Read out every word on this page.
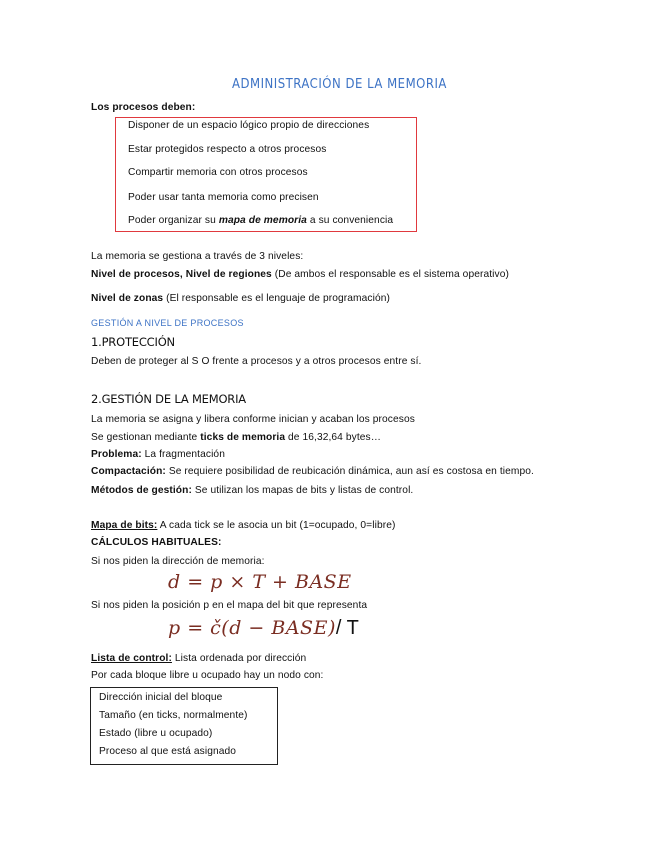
ADMINISTRACIÓN DE LA MEMORIA
Los procesos deben:
Disponer de un espacio lógico propio de direcciones
Estar protegidos respecto a otros procesos
Compartir memoria con otros procesos
Poder usar tanta memoria como precisen
Poder organizar su mapa de memoria a su conveniencia
La memoria se gestiona a través de 3 niveles:
Nivel de procesos, Nivel de regiones (De ambos el responsable es el sistema operativo)
Nivel de zonas (El responsable es el lenguaje de programación)
GESTIÓN A NIVEL DE PROCESOS
1.PROTECCIÓN
Deben de proteger al S O frente a procesos y a otros procesos entre sí.
2.GESTIÓN DE LA MEMORIA
La memoria se asigna y libera conforme inician y acaban los procesos
Se gestionan mediante ticks de memoria de 16,32,64 bytes…
Problema: La fragmentación
Compactación: Se requiere posibilidad de reubicación dinámica, aun así es costosa en tiempo.
Métodos de gestión: Se utilizan los mapas de bits y listas de control.
Mapa de bits: A cada tick se le asocia un bit (1=ocupado, 0=libre)
CÁLCULOS HABITUALES:
Si nos piden la dirección de memoria:
d = p × T + BASE
Si nos piden la posición p en el mapa del bit que representa
p = č(d − BASE)/ T
Lista de control: Lista ordenada por dirección
Por cada bloque libre u ocupado hay un nodo con:
Dirección inicial del bloque
Tamaño (en ticks, normalmente)
Estado (libre u ocupado)
Proceso al que está asignado
